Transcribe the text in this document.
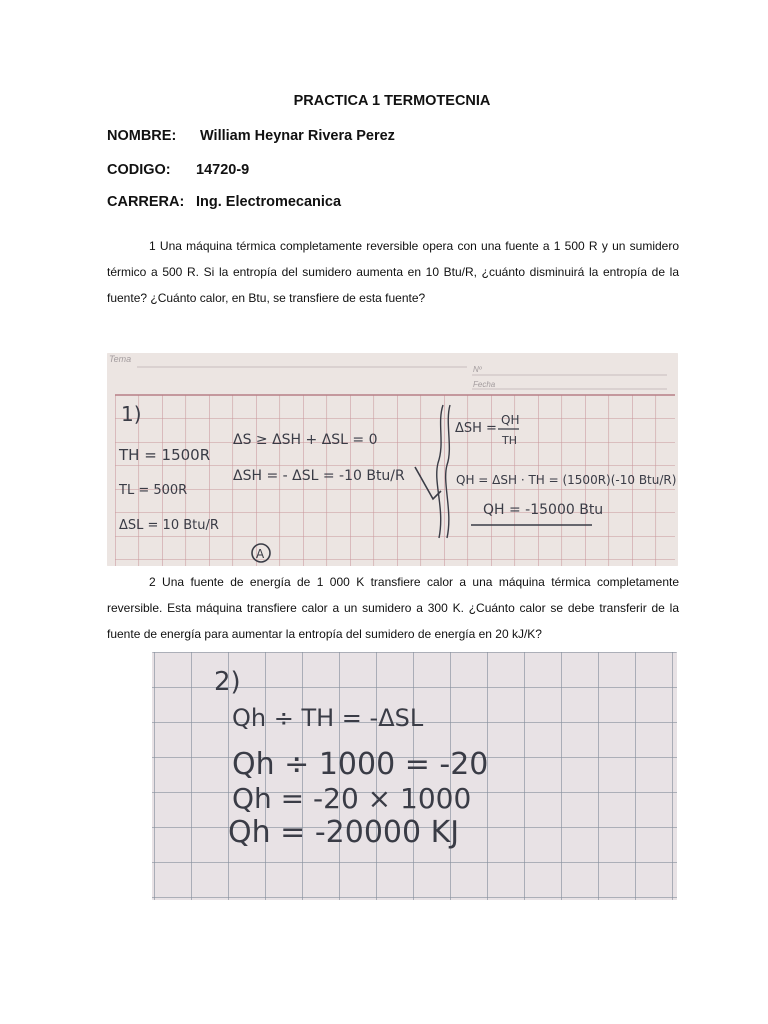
PRACTICA 1 TERMOTECNIA
NOMBRE: William Heynar Rivera Perez
CODIGO: 14720-9
CARRERA: Ing. Electromecanica

1 Una máquina térmica completamente reversible opera con una fuente a 1 500 R y un sumidero térmico a 500 R. Si la entropía del sumidero aumenta en 10 Btu/R, ¿cuánto disminuirá la entropía de la fuente? ¿Cuánto calor, en Btu, se transfiere de esta fuente?

Tema
Nº
Fecha
1)
TH = 1500R
TL = 500R
ΔSL = 10 Btu/R
ΔS ≥ ΔSH + ΔSL = 0
ΔSH = - ΔSL = -10 Btu/R
ΔSH =
QH
TH
QH = ΔSH · TH = (1500R)(-10 Btu/R)
QH = -15000 Btu
A

2 Una fuente de energía de 1 000 K transfiere calor a una máquina térmica completamente reversible. Esta máquina transfiere calor a un sumidero a 300 K. ¿Cuánto calor se debe transferir de la fuente de energía para aumentar la entropía del sumidero de energía en 20 kJ/K?

2)
Qh ÷ TH = -ΔSL
Qh ÷ 1000 = -20
Qh = -20 × 1000
Qh = -20000 KJ
